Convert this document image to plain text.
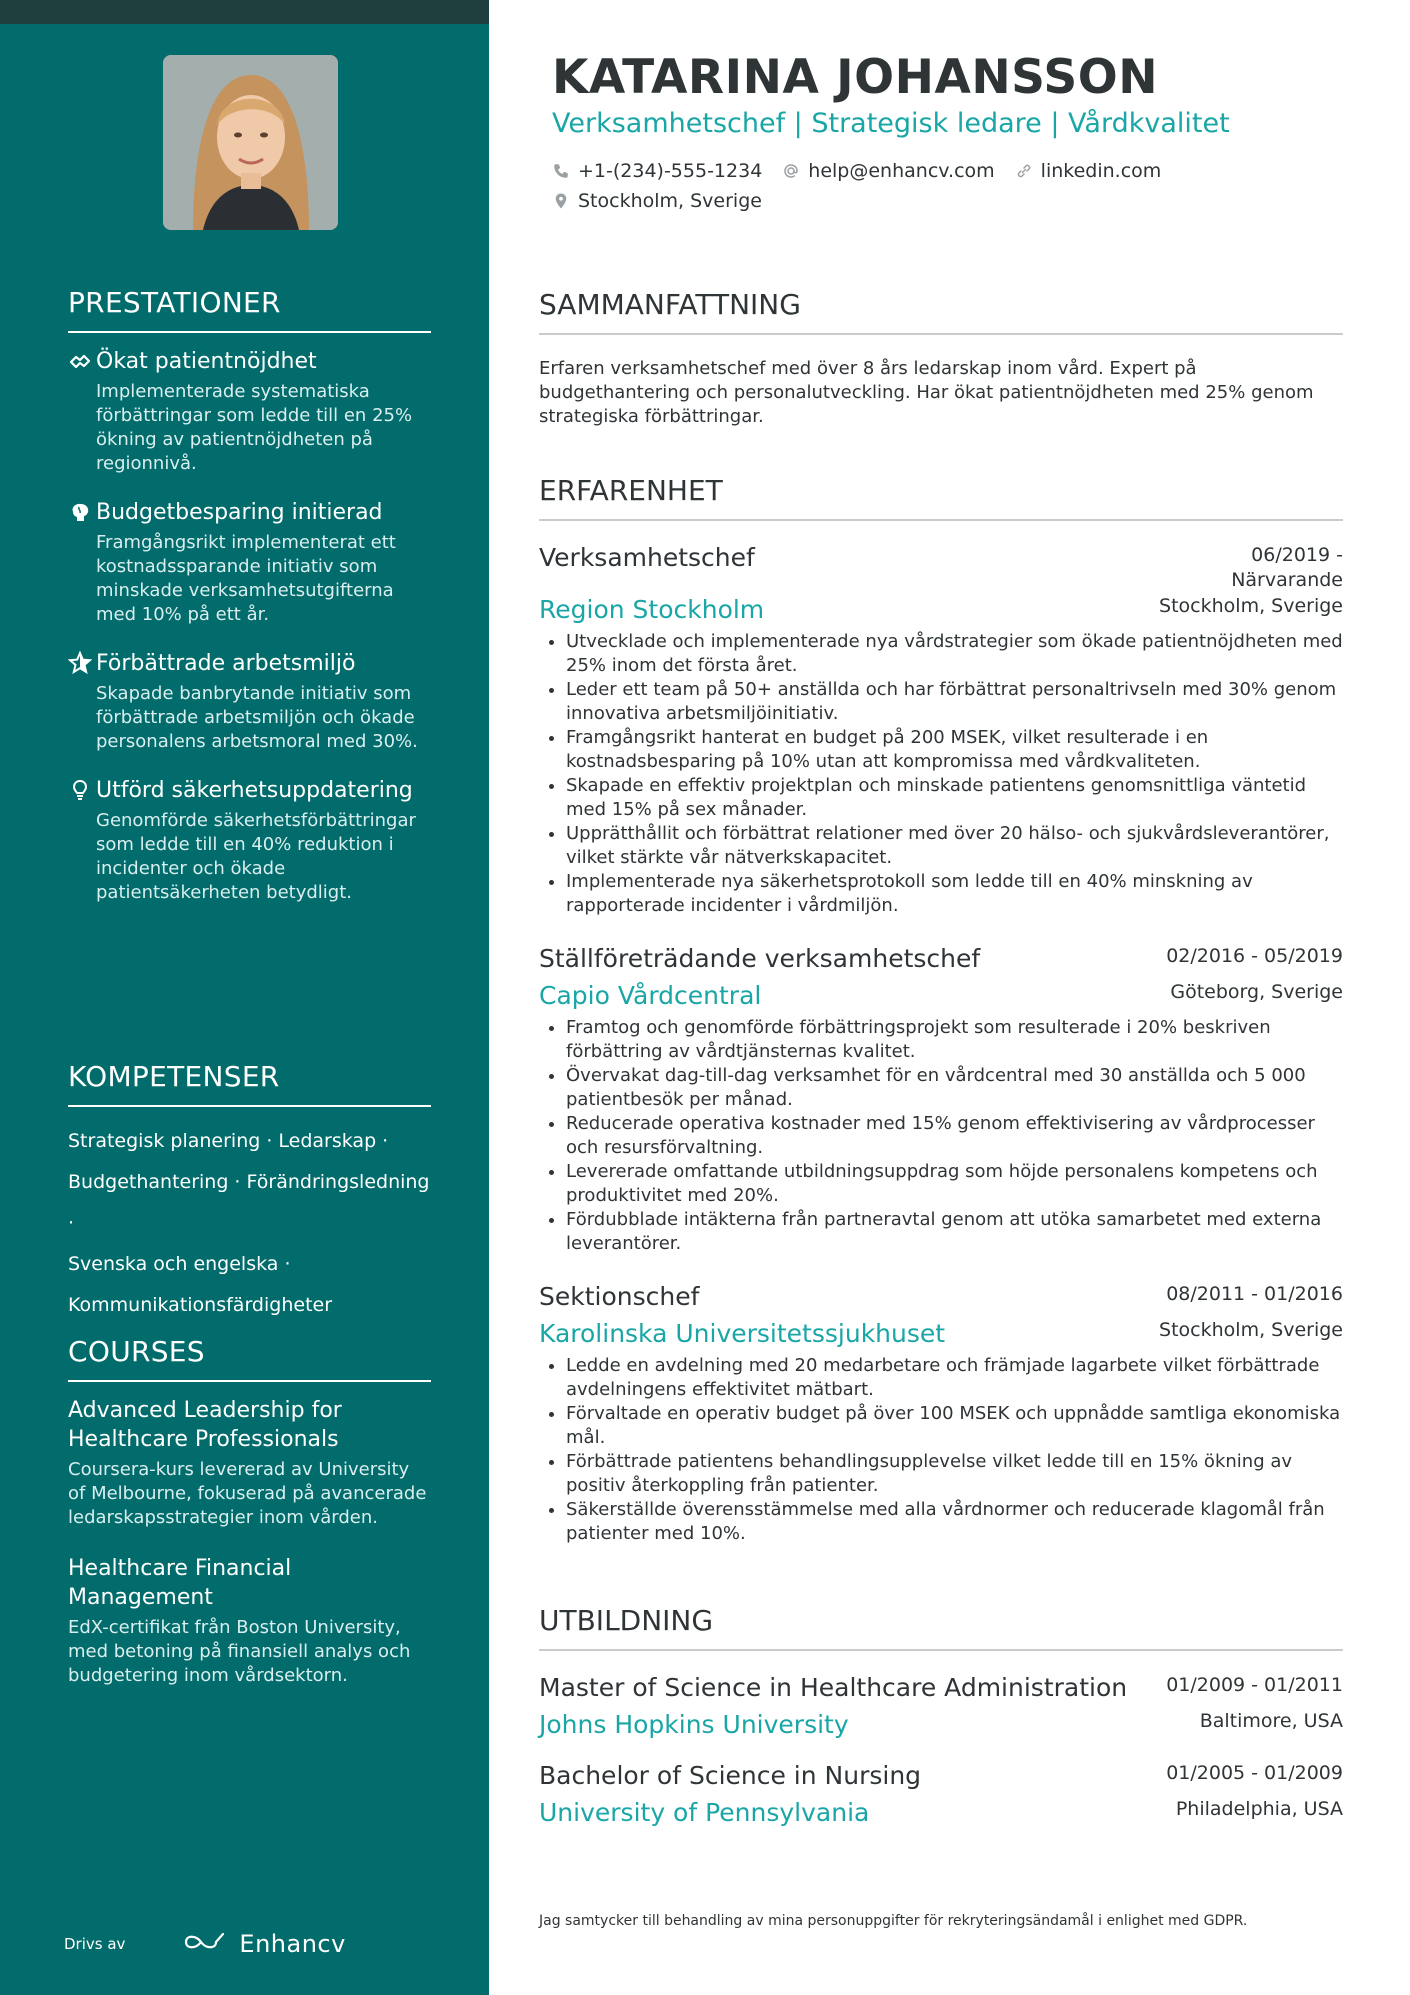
PRESTATIONER
Ökat patientnöjdhet
Implementerade systematiska förbättringar som ledde till en 25% ökning av patientnöjdheten på regionnivå.
Budgetbesparing initierad
Framgångsrikt implementerat ett kostnadssparande initiativ som minskade verksamhetsutgifterna med 10% på ett år.
Förbättrade arbetsmiljö
Skapade banbrytande initiativ som förbättrade arbetsmiljön och ökade personalens arbetsmoral med 30%.
Utförd säkerhetsuppdatering
Genomförde säkerhetsförbättringar som ledde till en 40% reduktion i incidenter och ökade patientsäkerheten betydligt.
KOMPETENSER
Strategisk planering · Ledarskap ·
Budgethantering · Förändringsledning ·
Svenska och engelska ·
Kommunikationsfärdigheter
COURSES
Advanced Leadership for Healthcare Professionals
Coursera-kurs levererad av University of Melbourne, fokuserad på avancerade ledarskapsstrategier inom vården.
Healthcare Financial Management
EdX-certifikat från Boston University, med betoning på finansiell analys och budgetering inom vårdsektorn.
Drivs av	Enhancv
KATARINA JOHANSSON
Verksamhetschef | Strategisk ledare | Vårdkvalitet
+1-(234)-555-1234 help@enhancv.com linkedin.com
Stockholm, Sverige
SAMMANFATTNING
Erfaren verksamhetschef med över 8 års ledarskap inom vård. Expert på budgethantering och personalutveckling. Har ökat patientnöjdheten med 25% genom strategiska förbättringar.
ERFARENHET
Verksamhetschef	06/2019 -
Närvarande
Region Stockholm	Stockholm, Sverige
• Utvecklade och implementerade nya vårdstrategier som ökade patientnöjdheten med 25% inom det första året.
• Leder ett team på 50+ anställda och har förbättrat personaltrivseln med 30% genom innovativa arbetsmiljöinitiativ.
• Framgångsrikt hanterat en budget på 200 MSEK, vilket resulterade i en kostnadsbesparing på 10% utan att kompromissa med vårdkvaliteten.
• Skapade en effektiv projektplan och minskade patientens genomsnittliga väntetid med 15% på sex månader.
• Upprätthållit och förbättrat relationer med över 20 hälso- och sjukvårdsleverantörer, vilket stärkte vår nätverkskapacitet.
• Implementerade nya säkerhetsprotokoll som ledde till en 40% minskning av rapporterade incidenter i vårdmiljön.
Ställföreträdande verksamhetschef	02/2016 - 05/2019
Capio Vårdcentral	Göteborg, Sverige
• Framtog och genomförde förbättringsprojekt som resulterade i 20% beskriven förbättring av vårdtjänsternas kvalitet.
• Övervakat dag-till-dag verksamhet för en vårdcentral med 30 anställda och 5 000 patientbesök per månad.
• Reducerade operativa kostnader med 15% genom effektivisering av vårdprocesser och resursförvaltning.
• Levererade omfattande utbildningsuppdrag som höjde personalens kompetens och produktivitet med 20%.
• Fördubblade intäkterna från partneravtal genom att utöka samarbetet med externa leverantörer.
Sektionschef	08/2011 - 01/2016
Karolinska Universitetssjukhuset	Stockholm, Sverige
• Ledde en avdelning med 20 medarbetare och främjade lagarbete vilket förbättrade avdelningens effektivitet mätbart.
• Förvaltade en operativ budget på över 100 MSEK och uppnådde samtliga ekonomiska mål.
• Förbättrade patientens behandlingsupplevelse vilket ledde till en 15% ökning av positiv återkoppling från patienter.
• Säkerställde överensstämmelse med alla vårdnormer och reducerade klagomål från patienter med 10%.
UTBILDNING
Master of Science in Healthcare Administration 01/2009 - 01/2011
Johns Hopkins University	Baltimore, USA
Bachelor of Science in Nursing	01/2005 - 01/2009
University of Pennsylvania	Philadelphia, USA
Jag samtycker till behandling av mina personuppgifter för rekryteringsändamål i enlighet med GDPR.
